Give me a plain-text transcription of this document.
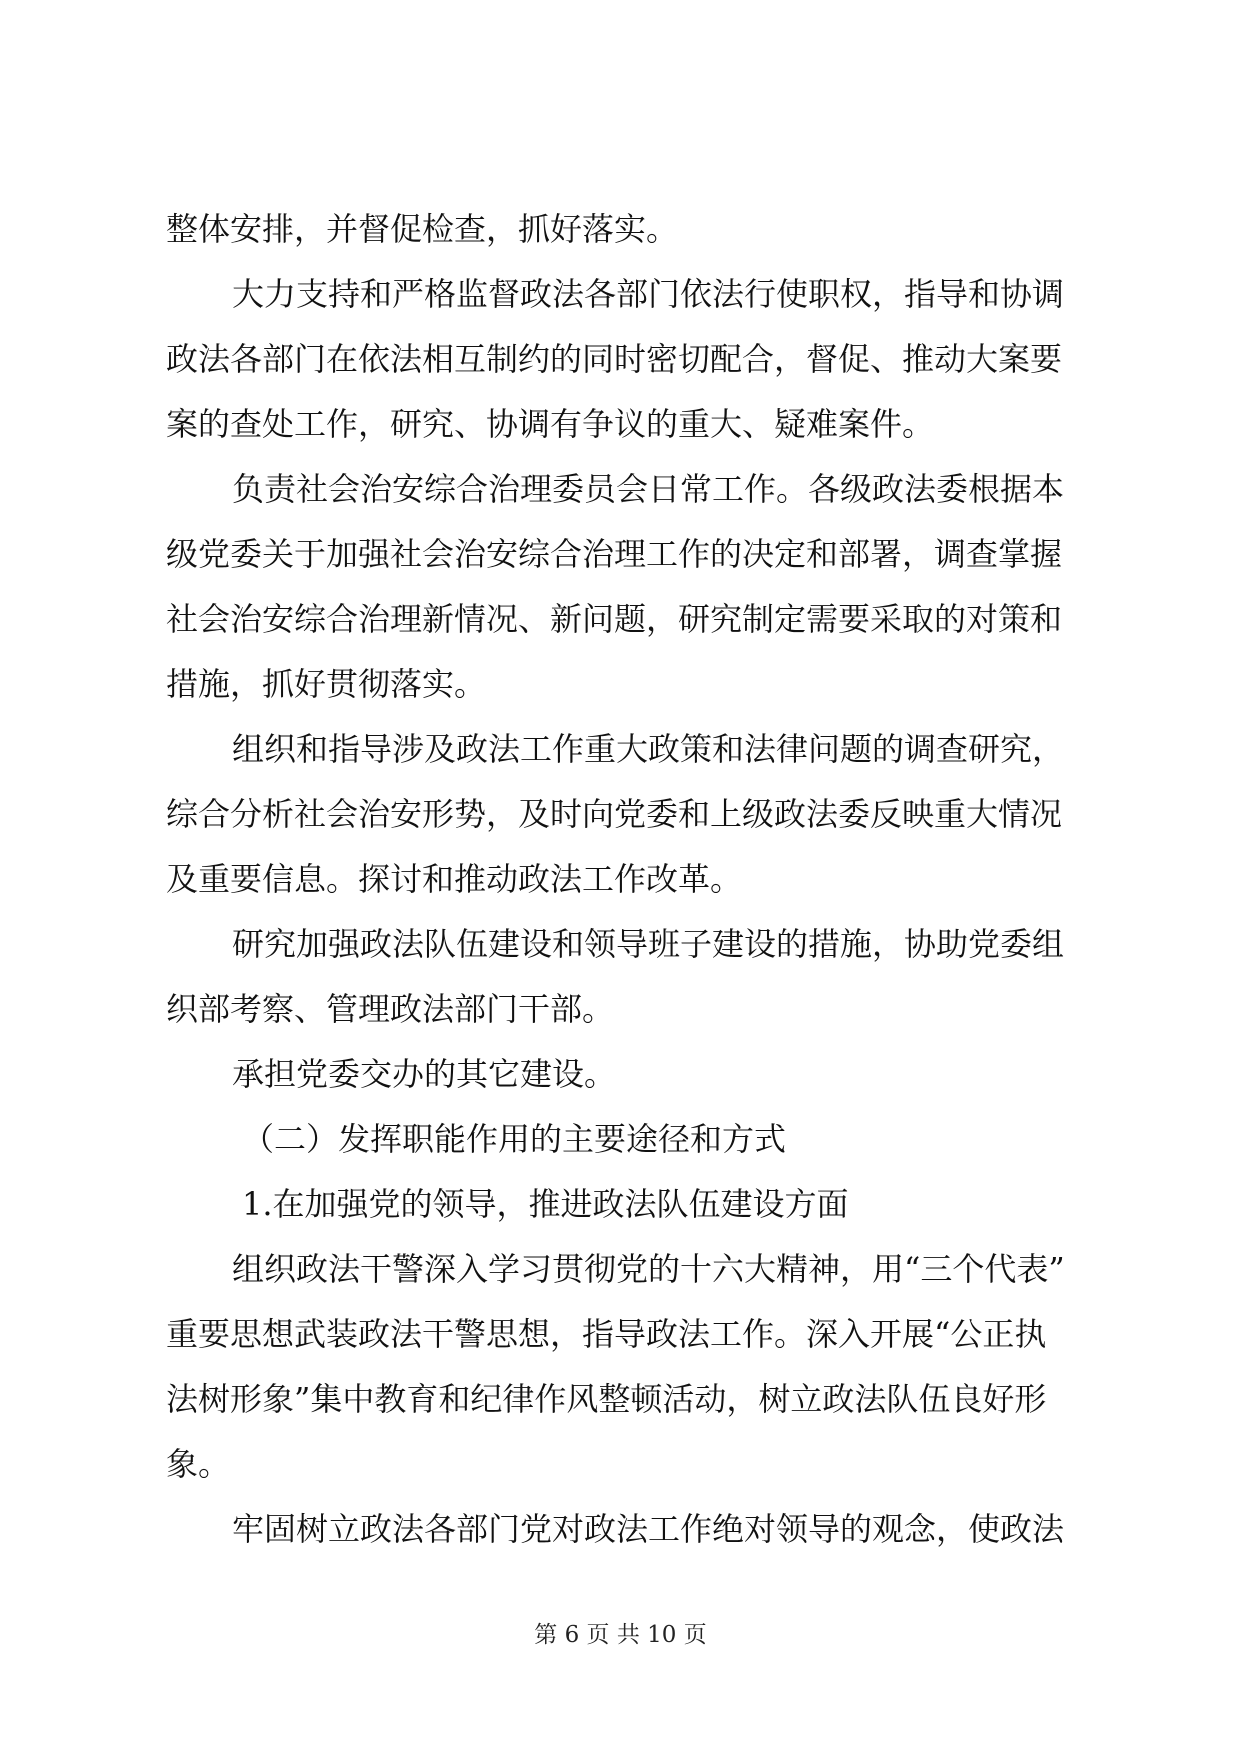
整体安排，并督促检查，抓好落实。
大力支持和严格监督政法各部门依法行使职权，指导和协调
政法各部门在依法相互制约的同时密切配合，督促、推动大案要
案的查处工作，研究、协调有争议的重大、疑难案件。
负责社会治安综合治理委员会日常工作。各级政法委根据本
级党委关于加强社会治安综合治理工作的决定和部署，调查掌握
社会治安综合治理新情况、新问题，研究制定需要采取的对策和
措施，抓好贯彻落实。
组织和指导涉及政法工作重大政策和法律问题的调查研究，
综合分析社会治安形势，及时向党委和上级政法委反映重大情况
及重要信息。探讨和推动政法工作改革。
研究加强政法队伍建设和领导班子建设的措施，协助党委组
织部考察、管理政法部门干部。
承担党委交办的其它建设。
（二）发挥职能作用的主要途径和方式
1.在加强党的领导，推进政法队伍建设方面
组织政法干警深入学习贯彻党的十六大精神，用“三个代表”
重要思想武装政法干警思想，指导政法工作。深入开展“公正执
法树形象”集中教育和纪律作风整顿活动，树立政法队伍良好形
象。
牢固树立政法各部门党对政法工作绝对领导的观念，使政法
第 6 页 共 10 页
